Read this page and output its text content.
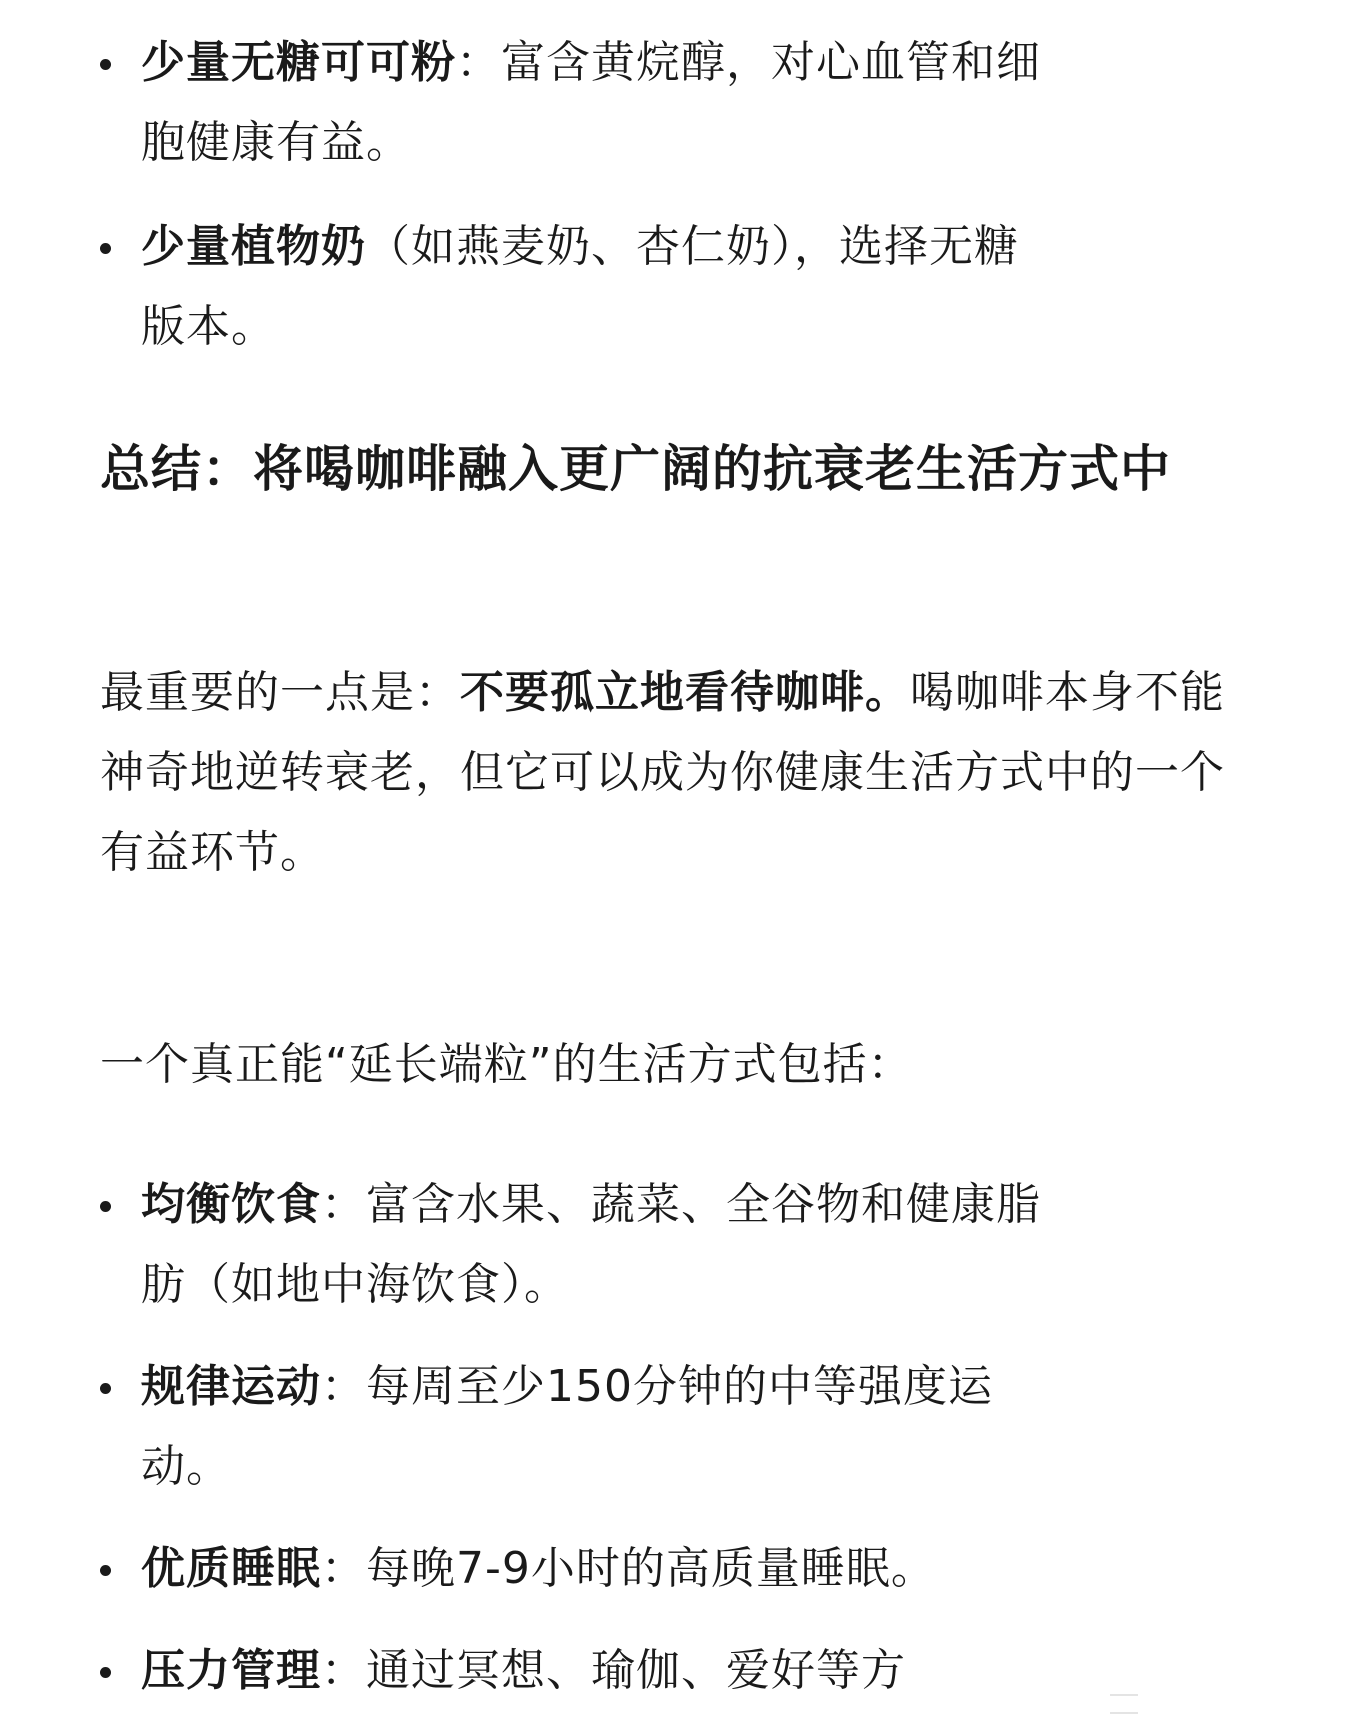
少量无糖可可粉：富含黄烷醇，对心血管和细胞健康有益。
少量植物奶（如燕麦奶、杏仁奶），选择无糖版本。
总结：将喝咖啡融入更广阔的抗衰老生活方式中

最重要的一点是：不要孤立地看待咖啡。喝咖啡本身不能神奇地逆转衰老，但它可以成为你健康生活方式中的一个有益环节。

一个真正能“延长端粒”的生活方式包括：

均衡饮食：富含水果、蔬菜、全谷物和健康脂肪（如地中海饮食）。
规律运动：每周至少150分钟的中等强度运动。
优质睡眠：每晚7-9小时的高质量睡眠。
压力管理：通过冥想、瑜伽、爱好等方
